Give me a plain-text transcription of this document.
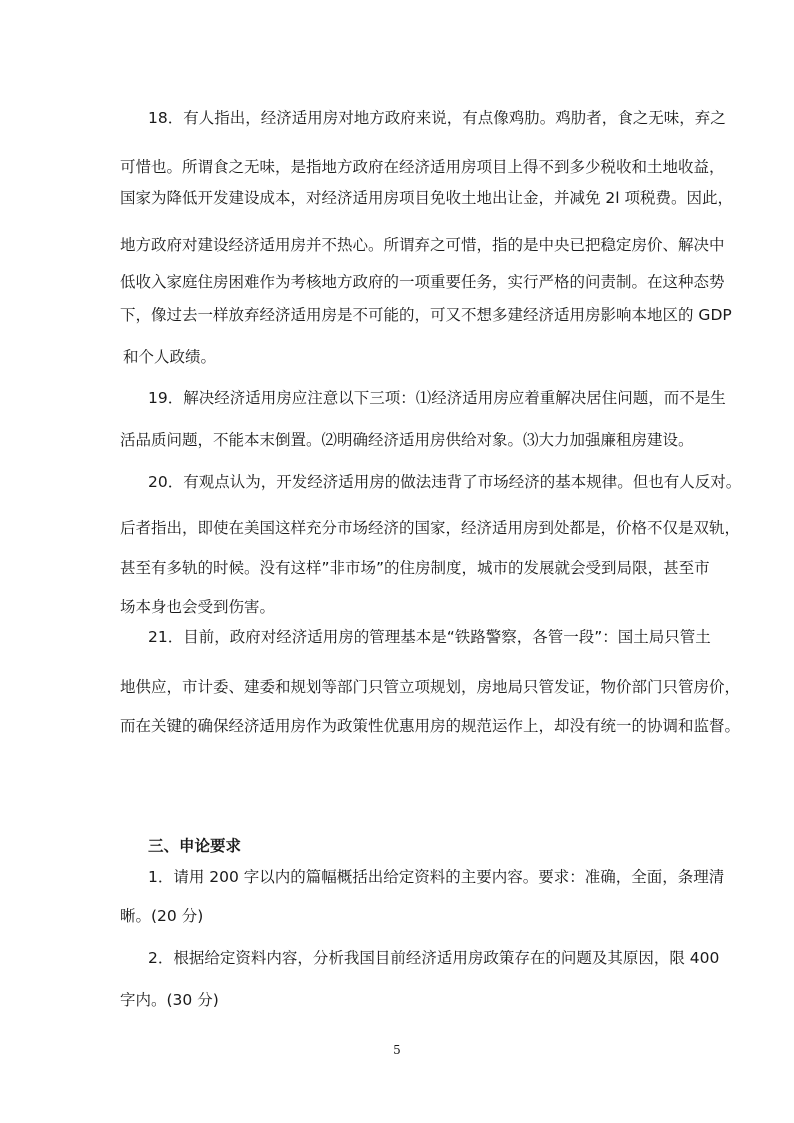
18．有人指出，经济适用房对地方政府来说，有点像鸡肋。鸡肋者，食之无味，弃之
可惜也。所谓食之无味，是指地方政府在经济适用房项目上得不到多少税收和土地收益，
国家为降低开发建设成本，对经济适用房项目免收土地出让金，并减免 2l 项税费。因此，
地方政府对建设经济适用房并不热心。所谓弃之可惜，指的是中央已把稳定房价、解决中
低收入家庭住房困难作为考核地方政府的一项重要任务，实行严格的问责制。在这种态势
下，像过去一样放弃经济适用房是不可能的，可又不想多建经济适用房影响本地区的 GDP
和个人政绩。
19．解决经济适用房应注意以下三项：⑴经济适用房应着重解决居住问题，而不是生
活品质问题，不能本末倒置。⑵明确经济适用房供给对象。⑶大力加强廉租房建设。
20．有观点认为，开发经济适用房的做法违背了市场经济的基本规律。但也有人反对。
后者指出，即使在美国这样充分市场经济的国家，经济适用房到处都是，价格不仅是双轨，
甚至有多轨的时候。没有这样”非市场”的住房制度，城市的发展就会受到局限，甚至市
场本身也会受到伤害。
21．目前，政府对经济适用房的管理基本是“铁路警察，各管一段”：国土局只管土
地供应，市计委、建委和规划等部门只管立项规划，房地局只管发证，物价部门只管房价，
而在关键的确保经济适用房作为政策性优惠用房的规范运作上，却没有统一的协调和监督。
三、申论要求
1．请用 200 字以内的篇幅概括出给定资料的主要内容。要求：准确，全面，条理清
晰。(20 分)
2．根据给定资料内容，分析我国目前经济适用房政策存在的问题及其原因，限 400
字内。(30 分)
5
